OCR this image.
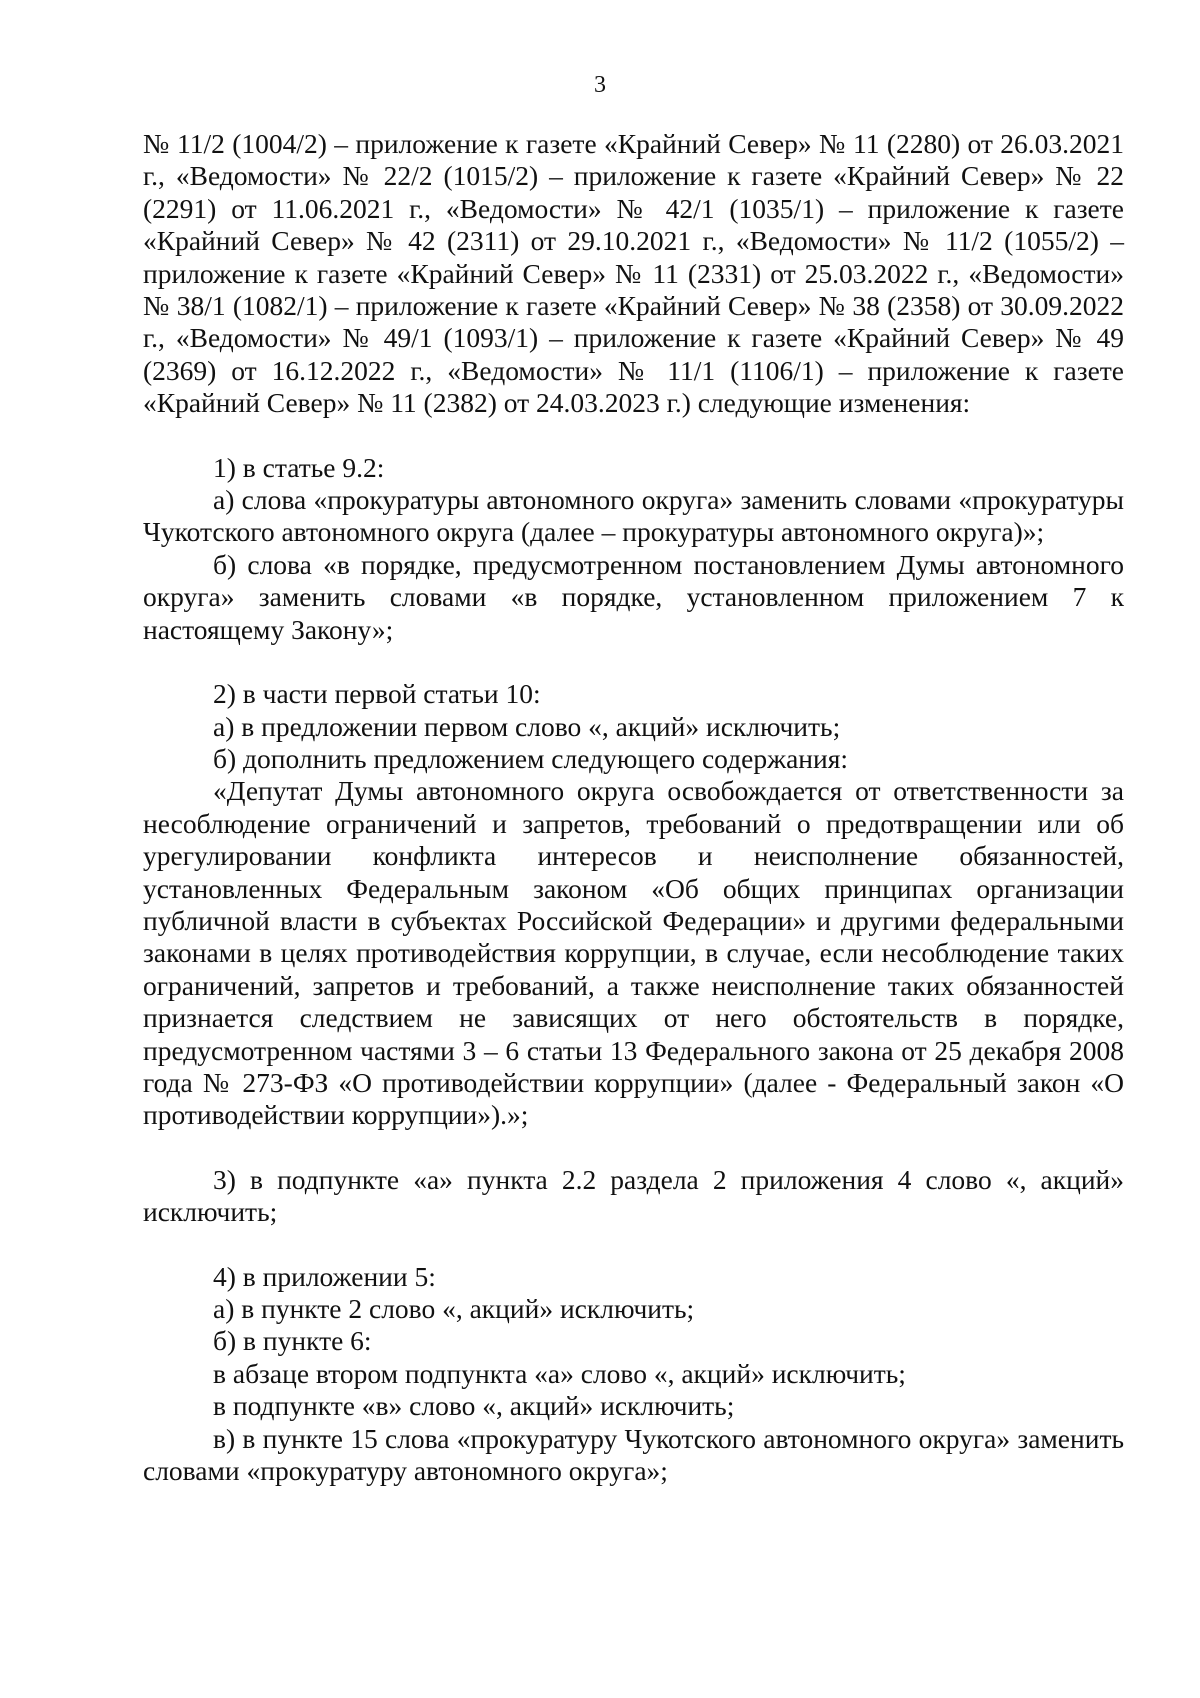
3

№ 11/2 (1004/2) – приложение к газете «Крайний Север» № 11 (2280) от 26.03.2021 г., «Ведомости» № 22/2 (1015/2) – приложение к газете «Крайний Север» № 22 (2291) от 11.06.2021 г., «Ведомости» № 42/1 (1035/1) – приложение к газете «Крайний Север» № 42 (2311) от 29.10.2021 г., «Ведомости» № 11/2 (1055/2) – приложение к газете «Крайний Север» № 11 (2331) от 25.03.2022 г., «Ведомости» № 38/1 (1082/1) – приложение к газете «Крайний Север» № 38 (2358) от 30.09.2022 г., «Ведомости» № 49/1 (1093/1) – приложение к газете «Крайний Север» № 49 (2369) от 16.12.2022 г., «Ведомости» № 11/1 (1106/1) – приложение к газете «Крайний Север» № 11 (2382) от 24.03.2023 г.) следующие изменения:

1) в статье 9.2:

а) слова «прокуратуры автономного округа» заменить словами «прокуратуры Чукотского автономного округа (далее – прокуратуры автономного округа)»;

б) слова «в порядке, предусмотренном постановлением Думы автономного округа» заменить словами «в порядке, установленном приложением 7 к настоящему Закону»;

2) в части первой статьи 10:

а) в предложении первом слово «, акций» исключить;

б) дополнить предложением следующего содержания:

«Депутат Думы автономного округа освобождается от ответственности за несоблюдение ограничений и запретов, требований о предотвращении или об урегулировании конфликта интересов и неисполнение обязанностей, установленных Федеральным законом «Об общих принципах организации публичной власти в субъектах Российской Федерации» и другими федеральными законами в целях противодействия коррупции, в случае, если несоблюдение таких ограничений, запретов и требований, а также неисполнение таких обязанностей признается следствием не зависящих от него обстоятельств в порядке, предусмотренном частями 3 – 6 статьи 13 Федерального закона от 25 декабря 2008 года № 273-ФЗ «О противодействии коррупции» (далее - Федеральный закон «О противодействии коррупции»).»;

3) в подпункте «а» пункта 2.2 раздела 2 приложения 4 слово «, акций» исключить;

4) в приложении 5:

а) в пункте 2 слово «, акций» исключить;

б) в пункте 6:

в абзаце втором подпункта «а» слово «, акций» исключить;

в подпункте «в» слово «, акций» исключить;

в) в пункте 15 слова «прокуратуру Чукотского автономного округа» заменить словами «прокуратуру автономного округа»;
